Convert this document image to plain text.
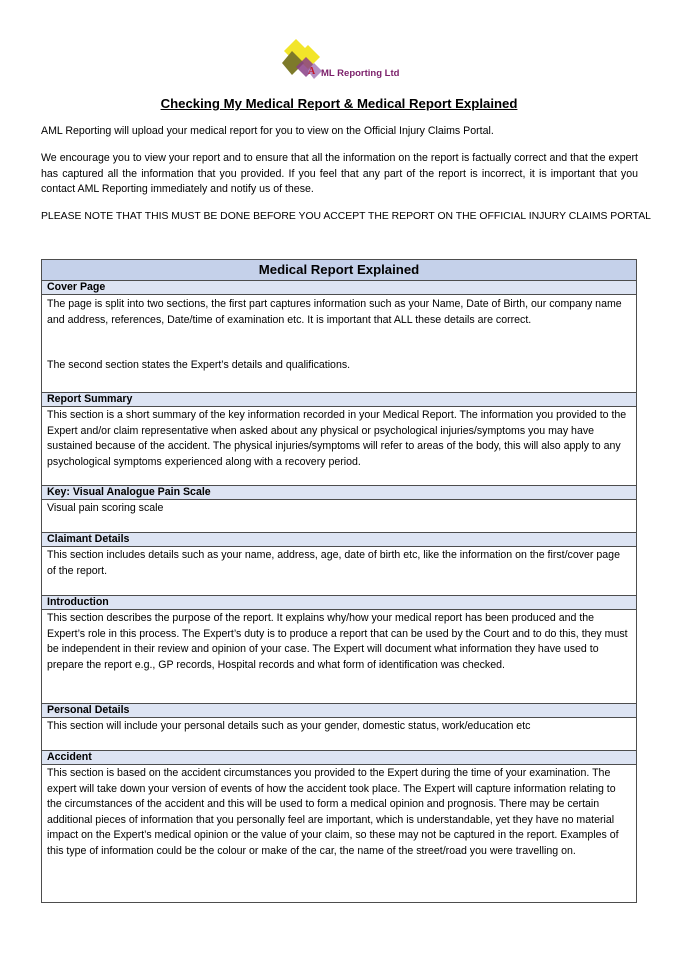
A ML Reporting Ltd
Checking My Medical Report & Medical Report Explained
AML Reporting will upload your medical report for you to view on the Official Injury Claims Portal.
We encourage you to view your report and to ensure that all the information on the report is factually correct and that the expert has captured all the information that you provided. If you feel that any part of the report is incorrect, it is important that you contact AML Reporting immediately and notify us of these.
PLEASE NOTE THAT THIS MUST BE DONE BEFORE YOU ACCEPT THE REPORT ON THE OFFICIAL INJURY CLAIMS PORTAL
Medical Report Explained
Cover Page
The page is split into two sections, the first part captures information such as your Name, Date of Birth, our company name and address, references, Date/time of examination etc. It is important that ALL these details are correct.
The second section states the Expert’s details and qualifications.
Report Summary
This section is a short summary of the key information recorded in your Medical Report. The information you provided to the Expert and/or claim representative when asked about any physical or psychological injuries/symptoms you may have sustained because of the accident. The physical injuries/symptoms will refer to areas of the body, this will also apply to any psychological symptoms experienced along with a recovery period.
Key: Visual Analogue Pain Scale
Visual pain scoring scale
Claimant Details
This section includes details such as your name, address, age, date of birth etc, like the information on the first/cover page of the report.
Introduction
This section describes the purpose of the report. It explains why/how your medical report has been produced and the Expert’s role in this process. The Expert’s duty is to produce a report that can be used by the Court and to do this, they must be independent in their review and opinion of your case. The Expert will document what information they have used to prepare the report e.g., GP records, Hospital records and what form of identification was checked.
Personal Details
This section will include your personal details such as your gender, domestic status, work/education etc
Accident
This section is based on the accident circumstances you provided to the Expert during the time of your examination. The expert will take down your version of events of how the accident took place. The Expert will capture information relating to the circumstances of the accident and this will be used to form a medical opinion and prognosis. There may be certain additional pieces of information that you personally feel are important, which is understandable, yet they have no material impact on the Expert’s medical opinion or the value of your claim, so these may not be captured in the report. Examples of this type of information could be the colour or make of the car, the name of the street/road you were travelling on.
